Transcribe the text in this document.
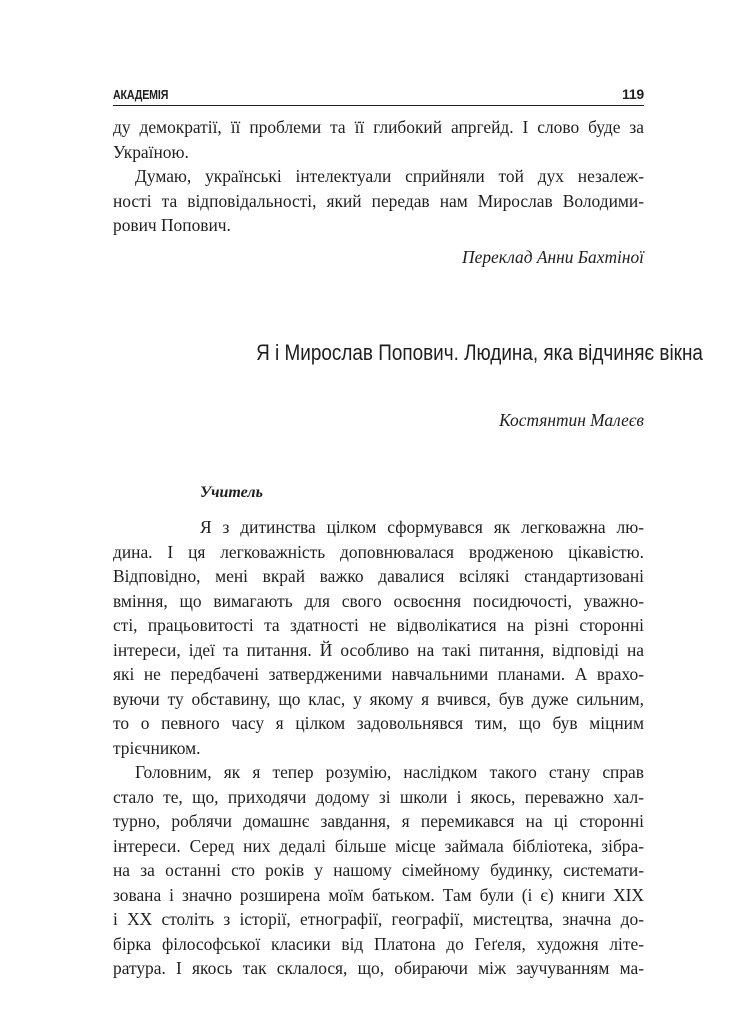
АКАДЕМІЯ	119
ду демократії, її проблеми та її глибокий апргейд. І слово буде за
Україною.
Думаю, українські інтелектуали сприйняли той дух незалеж-
ності та відповідальності, який передав нам Мирослав Володими-
рович Попович.
Переклад Анни Бахтіної
Я і Мирослав Попович. Людина, яка відчиняє вікна
Костянтин Малеєв
Учитель
Я з дитинства цілком сформувався як легковажна лю-
дина. І ця легковажність доповнювалася вродженою цікавістю.
Відповідно, мені вкрай важко давалися всілякі стандартизовані
вміння, що вимагають для свого освоєння посидючості, уважно-
сті, працьовитості та здатності не відволікатися на різні сторонні
інтереси, ідеї та питання. Й особливо на такі питання, відповіді на
які не передбачені затвердженими навчальними планами. А врахо-
вуючи ту обставину, що клас, у якому я вчився, був дуже сильним,
то о певного часу я цілком задовольнявся тим, що був міцним
трієчником.
Головним, як я тепер розумію, наслідком такого стану справ
стало те, що, приходячи додому зі школи і якось, переважно хал-
турно, роблячи домашнє завдання, я перемикався на ці сторонні
інтереси. Серед них дедалі більше місце займала бібліотека, зібра-
на за останні сто років у нашому сімейному будинку, системати-
зована і значно розширена моїм батьком. Там були (і є) книги XIX
і XX століть з історії, етнографії, географії, мистецтва, значна до-
бірка філософської класики від Платона до Геґеля, художня літе-
ратура. І якось так склалося, що, обираючи між заучуванням ма-
